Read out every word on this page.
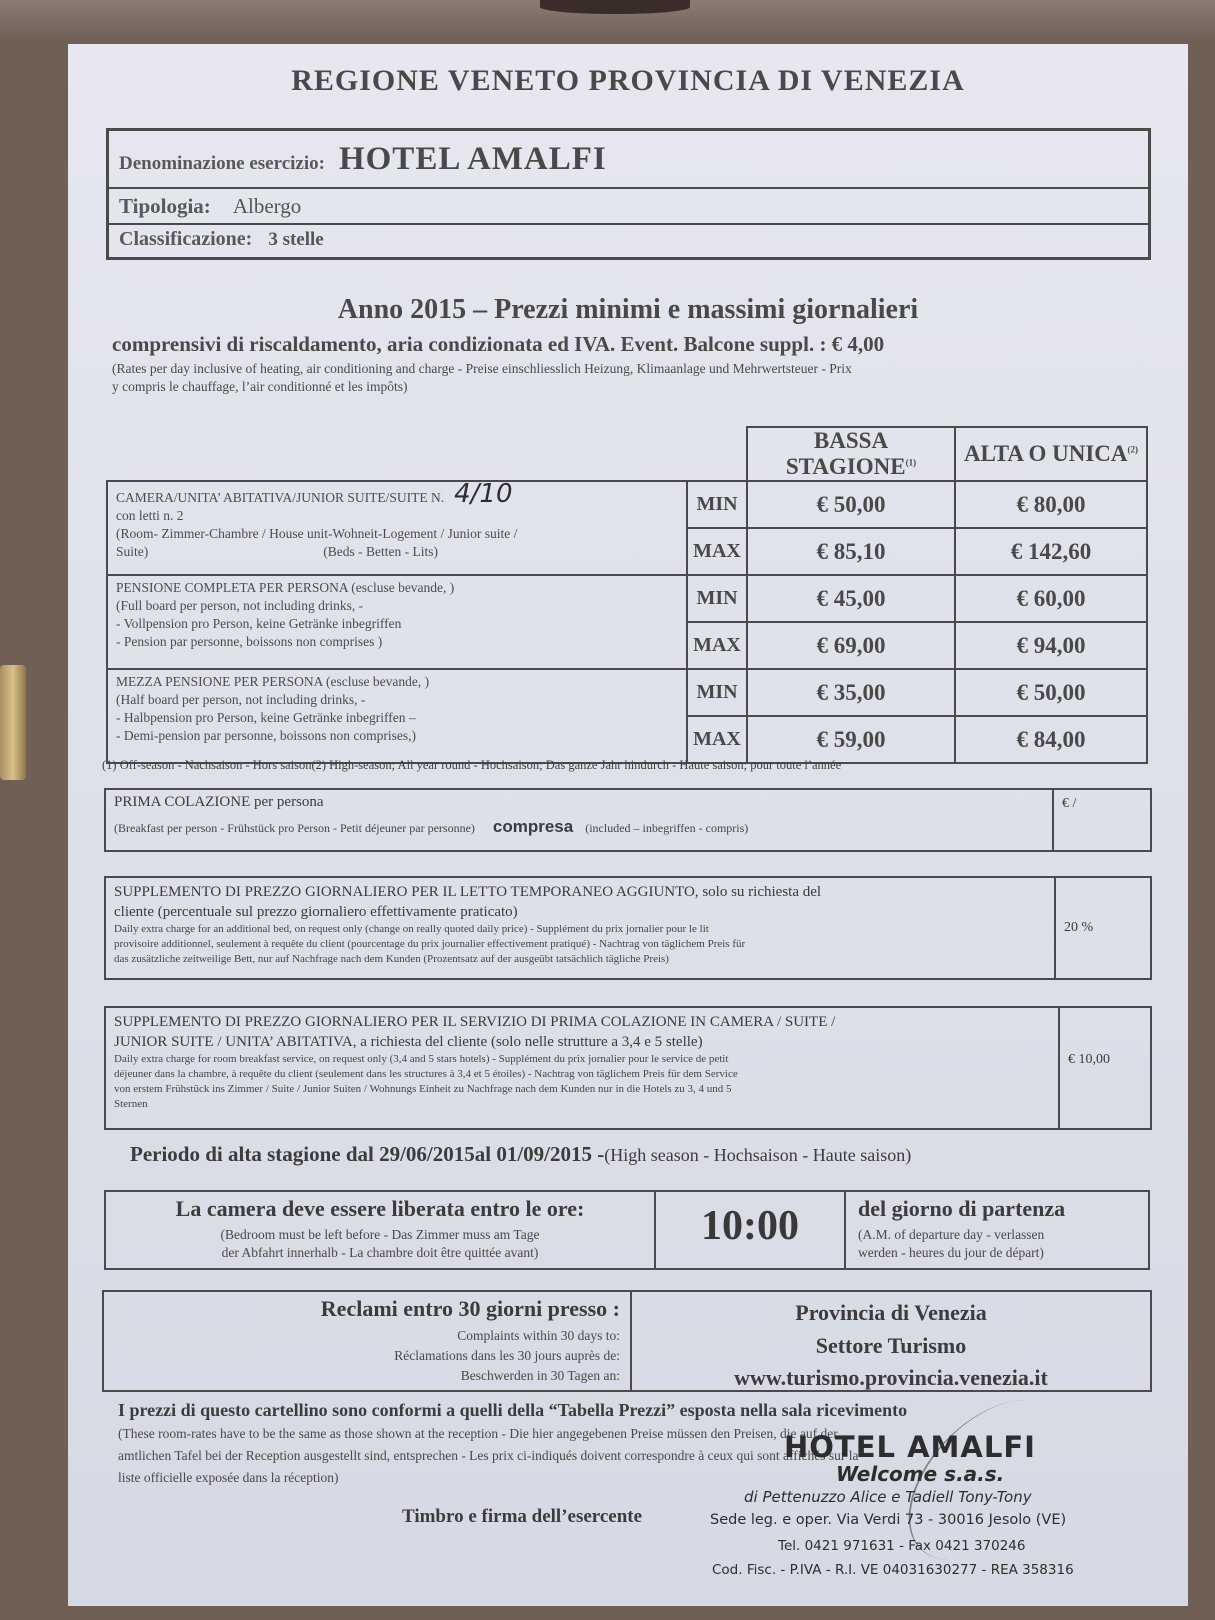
REGIONE VENETO PROVINCIA DI VENEZIA
Denominazione esercizio: HOTEL AMALFI
Tipologia: Albergo
Classificazione: 3 stelle
Anno 2015 – Prezzi minimi e massimi giornalieri
comprensivi di riscaldamento, aria condizionata ed IVA. Event. Balcone suppl. : € 4,00
(Rates per day inclusive of heating, air conditioning and charge - Preise einschliesslich Heizung, Klimaanlage und Mehrwertsteuer - Prix
y compris le chauffage, l’air conditionné et les impôts)
		BASSA STAGIONE$^{(1)}$	ALTA O UNICA$^{(2)}$

CAMERA/UNITA’ ABITATIVA/JUNIOR SUITE/SUITE N. 4/10
con letti n. 2
(Room- Zimmer-Chambre / House unit-Wohneit-Logement / Junior suite /
Suite) (Beds - Betten - Lits)	MIN	€ 50,00	€ 80,00
	MAX	€ 85,10	€ 142,60

PENSIONE COMPLETA PER PERSONA (escluse bevande, )
(Full board per person, not including drinks, -
- Vollpension pro Person, keine Getränke inbegriffen
- Pension par personne, boissons non comprises )	MIN	€ 45,00	€ 60,00
	MAX	€ 69,00	€ 94,00

MEZZA PENSIONE PER PERSONA (escluse bevande, )
(Half board per person, not including drinks, -
- Halbpension pro Person, keine Getränke inbegriffen –
- Demi-pension par personne, boissons non comprises,)	MIN	€ 35,00	€ 50,00
	MAX	€ 59,00	€ 84,00
(1) Off-season - Nachsaison - Hors saison(2) High-season; All year round - Hochsaison; Das ganze Jahr hindurch - Haute saison; pour toute l’année
PRIMA COLAZIONE per persona
(Breakfast per person - Frühstück pro Person - Petit déjeuner par personne) compresa (included – inbegriffen - compris)
€ /
SUPPLEMENTO DI PREZZO GIORNALIERO PER IL LETTO TEMPORANEO AGGIUNTO, solo su richiesta del
cliente (percentuale sul prezzo giornaliero effettivamente praticato)
Daily extra charge for an additional bed, on request only (change on really quoted daily price) - Supplément du prix jornalier pour le lit
provisoire additionnel, seulement à requête du client (pourcentage du prix journalier effectivement pratiqué) - Nachtrag von täglichem Preis für
das zusätzliche zeitweilige Bett, nur auf Nachfrage nach dem Kunden (Prozentsatz auf der ausgeübt tatsächlich tägliche Preis)
20 %
SUPPLEMENTO DI PREZZO GIORNALIERO PER IL SERVIZIO DI PRIMA COLAZIONE IN CAMERA / SUITE /
JUNIOR SUITE / UNITA’ ABITATIVA, a richiesta del cliente (solo nelle strutture a 3,4 e 5 stelle)
Daily extra charge for room breakfast service, on request only (3,4 and 5 stars hotels) - Supplément du prix jornalier pour le service de petit
déjeuner dans la chambre, à requête du client (seulement dans les structures à 3,4 et 5 étoiles) - Nachtrag von täglichem Preis für dem Service
von erstem Frühstück ins Zimmer / Suite / Junior Suiten / Wohnungs Einheit zu Nachfrage nach dem Kunden nur in die Hotels zu 3, 4 und 5
Sternen
€ 10,00
Periodo di alta stagione dal 29/06/2015al 01/09/2015 -(High season - Hochsaison - Haute saison)
La camera deve essere liberata entro le ore:
(Bedroom must be left before - Das Zimmer muss am Tage
der Abfahrt innerhalb - La chambre doit être quittée avant)
10:00	del giorno di partenza
(A.M. of departure day - verlassen
werden - heures du jour de départ)
Reclami entro 30 giorni presso :
Complaints within 30 days to:
Réclamations dans les 30 jours auprès de:
Beschwerden in 30 Tagen an:
Provincia di Venezia
Settore Turismo
www.turismo.provincia.venezia.it
I prezzi di questo cartellino sono conformi a quelli della “Tabella Prezzi” esposta nella sala ricevimento
(These room-rates have to be the same as those shown at the reception - Die hier angegebenen Preise müssen den Preisen, die auf der
amtlichen Tafel bei der Reception ausgestellt sind, entsprechen - Les prix ci-indiqués doivent correspondre à ceux qui sont affichés sur la
liste officielle exposée dans la réception)
Timbro e firma dell’esercente
HOTEL AMALFI
Welcome s.a.s.
di Pettenuzzo Alice e Tadiell Tony-Tony
Sede leg. e oper. Via Verdi 73 - 30016 Jesolo (VE)
Tel. 0421 971631 - Fax 0421 370246
Cod. Fisc. - P.IVA - R.I. VE 04031630277 - REA 358316
